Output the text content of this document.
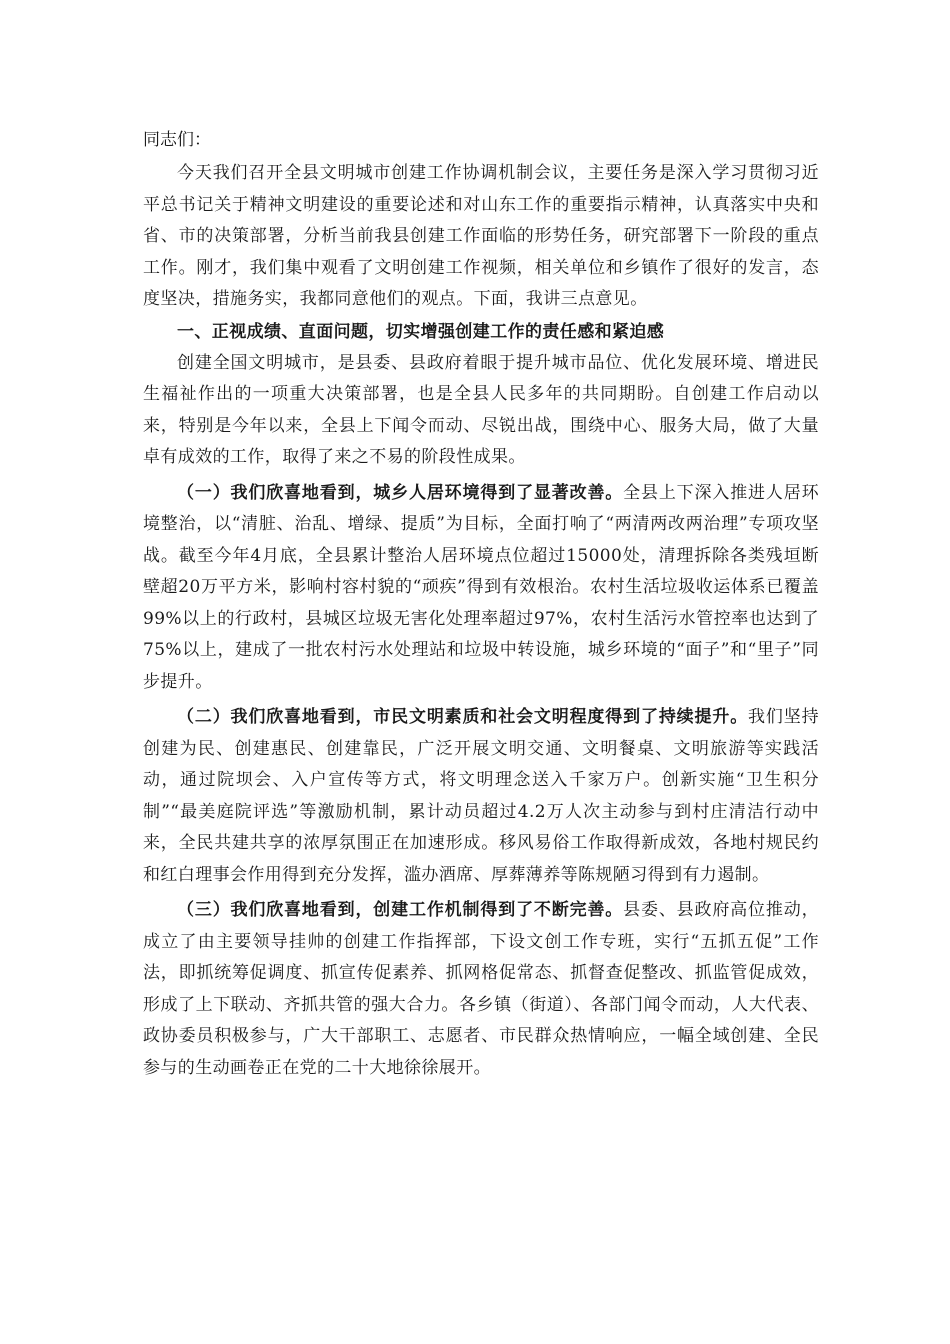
同志们：

今天我们召开全县文明城市创建工作协调机制会议，主要任务是深入学习贯彻习近平总书记关于精神文明建设的重要论述和对山东工作的重要指示精神，认真落实中央和省、市的决策部署，分析当前我县创建工作面临的形势任务，研究部署下一阶段的重点工作。刚才，我们集中观看了文明创建工作视频，相关单位和乡镇作了很好的发言，态度坚决，措施务实，我都同意他们的观点。下面，我讲三点意见。

一、正视成绩、直面问题，切实增强创建工作的责任感和紧迫感

创建全国文明城市，是县委、县政府着眼于提升城市品位、优化发展环境、增进民生福祉作出的一项重大决策部署，也是全县人民多年的共同期盼。自创建工作启动以来，特别是今年以来，全县上下闻令而动、尽锐出战，围绕中心、服务大局，做了大量卓有成效的工作，取得了来之不易的阶段性成果。

（一）我们欣喜地看到，城乡人居环境得到了显著改善。全县上下深入推进人居环境整治，以“清脏、治乱、增绿、提质”为目标，全面打响了“两清两改两治理”专项攻坚战。截至今年4月底，全县累计整治人居环境点位超过15000处，清理拆除各类残垣断壁超20万平方米，影响村容村貌的“顽疾”得到有效根治。农村生活垃圾收运体系已覆盖99%以上的行政村，县城区垃圾无害化处理率超过97%，农村生活污水管控率也达到了75%以上，建成了一批农村污水处理站和垃圾中转设施，城乡环境的“面子”和“里子”同步提升。

（二）我们欣喜地看到，市民文明素质和社会文明程度得到了持续提升。我们坚持创建为民、创建惠民、创建靠民，广泛开展文明交通、文明餐桌、文明旅游等实践活动，通过院坝会、入户宣传等方式，将文明理念送入千家万户。创新实施“卫生积分制”“最美庭院评选”等激励机制，累计动员超过4.2万人次主动参与到村庄清洁行动中来，全民共建共享的浓厚氛围正在加速形成。移风易俗工作取得新成效，各地村规民约和红白理事会作用得到充分发挥，滥办酒席、厚葬薄养等陈规陋习得到有力遏制。

（三）我们欣喜地看到，创建工作机制得到了不断完善。县委、县政府高位推动，成立了由主要领导挂帅的创建工作指挥部，下设文创工作专班，实行“五抓五促”工作法，即抓统筹促调度、抓宣传促素养、抓网格促常态、抓督查促整改、抓监管促成效，形成了上下联动、齐抓共管的强大合力。各乡镇（街道）、各部门闻令而动，人大代表、政协委员积极参与，广大干部职工、志愿者、市民群众热情响应，一幅全域创建、全民参与的生动画卷正在党的二十大地徐徐展开。
